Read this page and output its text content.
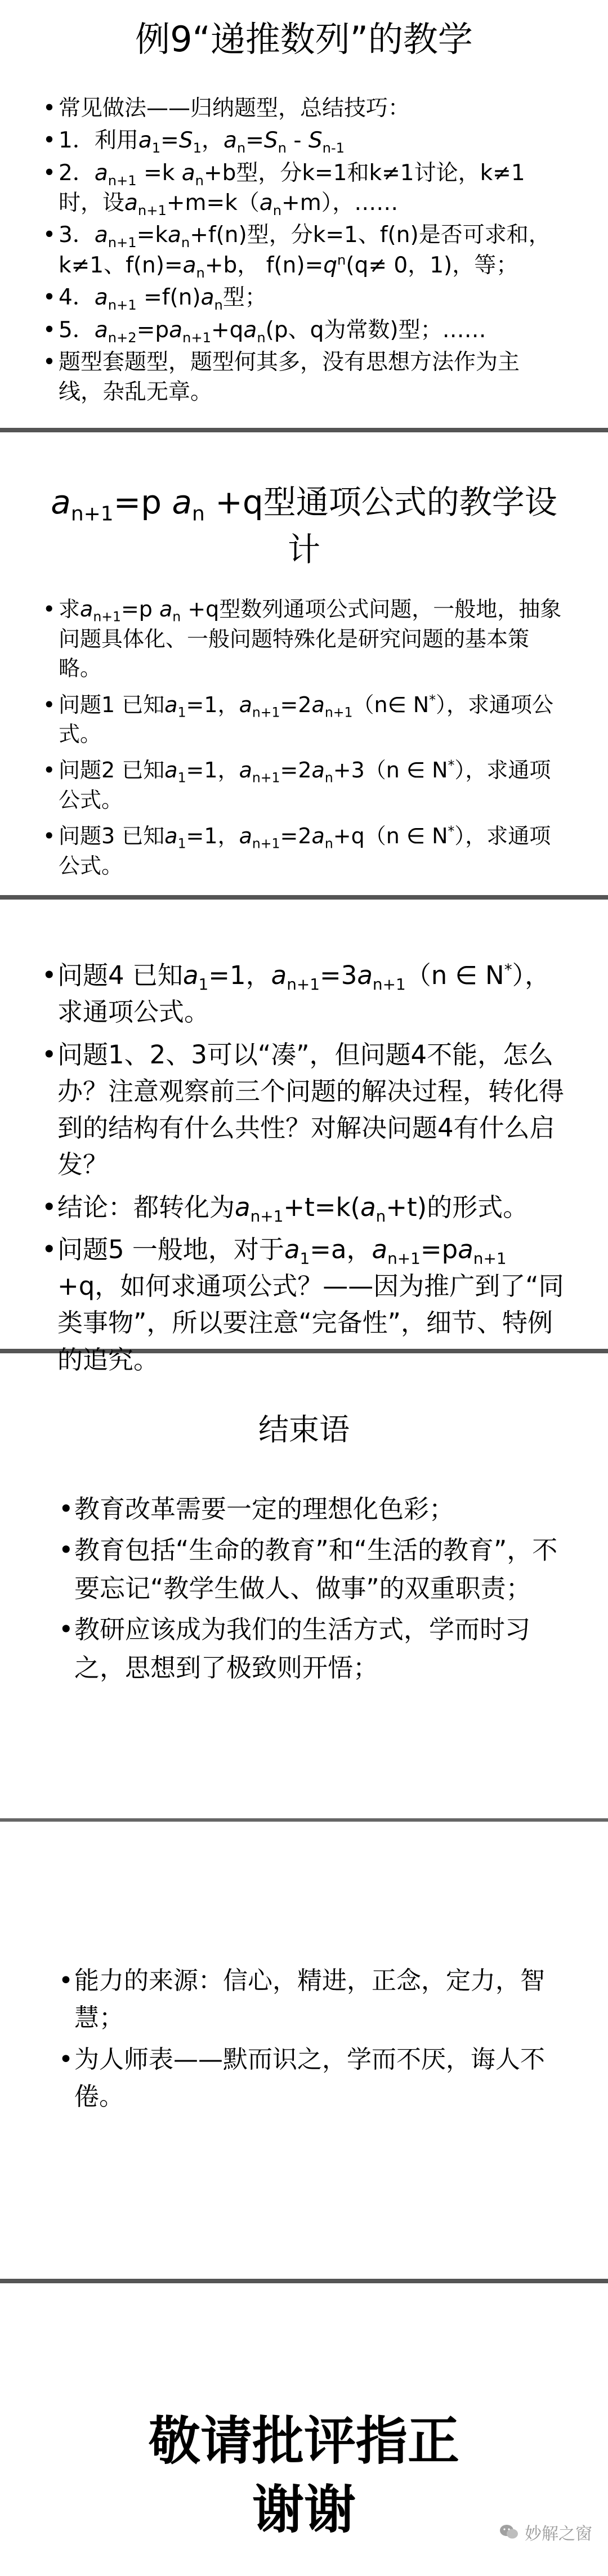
例9“递推数列”的教学
• 常见做法——归纳题型，总结技巧：
• 1．利用$a_1=S_1$，$a_n=S_n - S_{n-1}$
• 2．$a_{n+1} =k$ $a_n+b$型，分k=1和k≠1讨论，k≠1 时，设$a_{n+1}+m=k(a_n+m)$，……
• 3．$a_{n+1}=ka_n+f(n)$型，分k=1、f(n)是否可求和，k≠1、$f(n)=a_n+b$， $f(n)=q^n(q\ne 0$，1)，等；
• 4．$a_{n+1} =f(n)a_n$型；
• 5．$a_{n+2}=pa_{n+1}+qa_n(p$、q为常数)型；……
• 题型套题型，题型何其多，没有思想方法作为主线，杂乱无章。
$a_{n+1}=p$ $a_n +q$型通项公式的教学设
计
• 求$a_{n+1}=p$ $a_n +q$型数列通项公式问题，一般地，抽象问题具体化、一般问题特殊化是研究问题的基本策略。
• 问题1 已知$a_1=1$，$a_{n+1}=2a_{n+1}(n\in$ N*），求通项公式。
• 问题2 已知$a_1=1$，$a_{n+1}=2a_n+3(n$ ∈ N*），求通项公式。
• 问题3 已知$a_1=1$，$a_{n+1}=2a_n+q(n$ ∈ N*），求通项公式。
• 问题4 已知$a_1=1$，$a_{n+1}=3a_{n+1}(n$ ∈ N*），求通项公式。
• 问题1、2、3可以“凑”，但问题4不能，怎么办？注意观察前三个问题的解决过程，转化得到的结构有什么共性？对解决问题4有什么启发？
• 结论：都转化为$a_{n+1}+t=k(a_n+t)$的形式。
• 问题5 一般地，对于$a_1=a$，$a_{n+1}=pa_{n+1} +q$，如何求通项公式？——因为推广到了“同类事物”，所以要注意“完备性”，细节、特例的追究。
结束语
• 教育改革需要一定的理想化色彩；
• 教育包括“生命的教育”和“生活的教育”，不要忘记“教学生做人、做事”的双重职责；
• 教研应该成为我们的生活方式，学而时习之，思想到了极致则开悟；
• 能力的来源：信心，精进，正念，定力，智慧；
• 为人师表——默而识之，学而不厌，诲人不倦。

敬请批评指正
谢谢	妙解之窗
